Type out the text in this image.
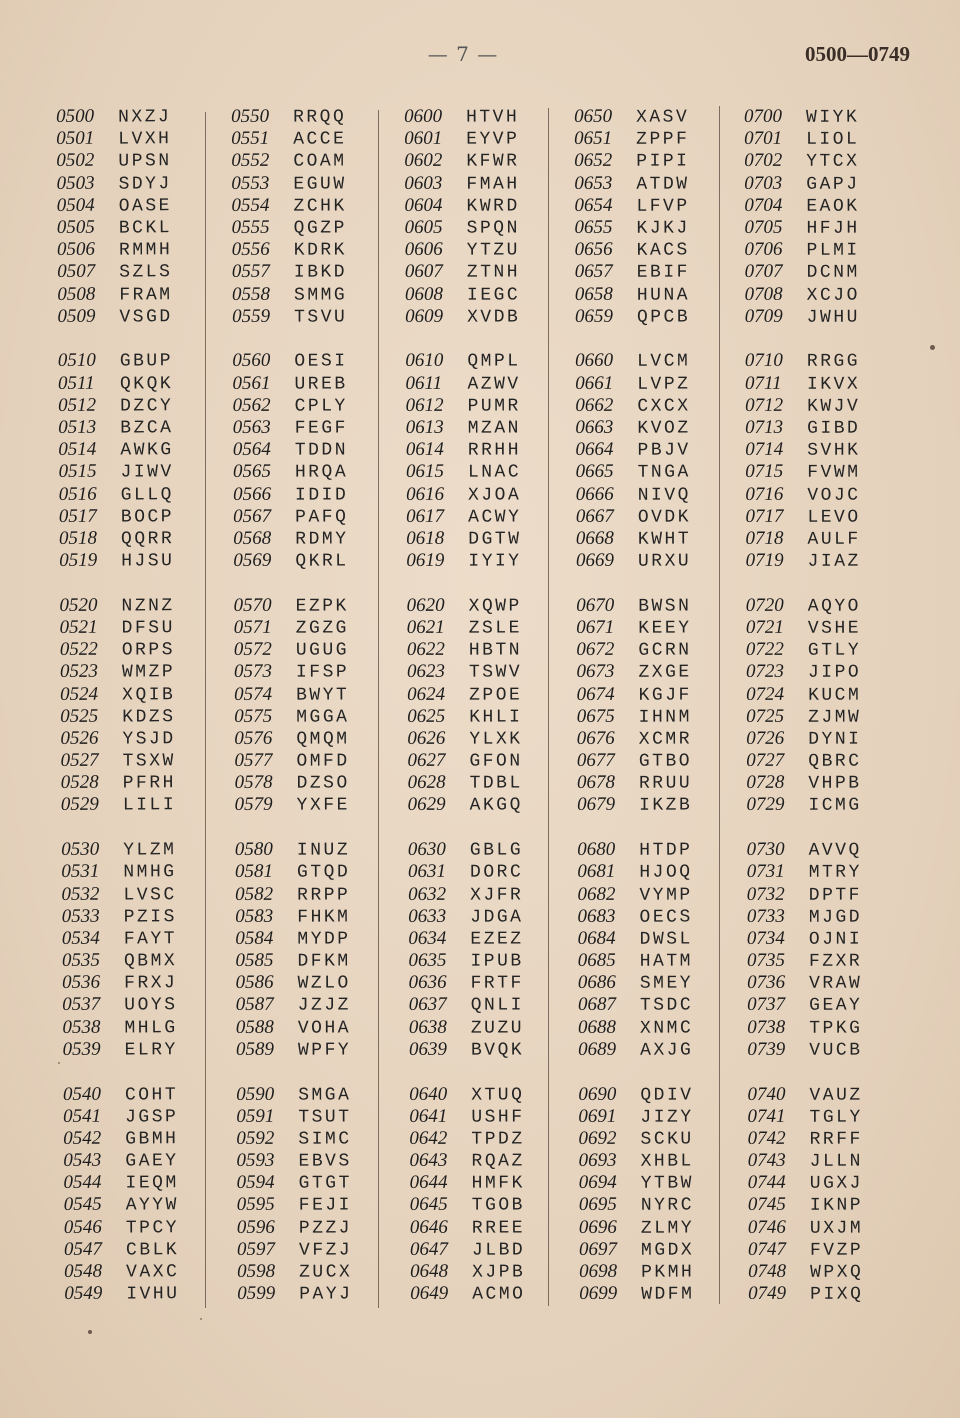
— 7 —	0500—0749
0500 NXZJ
0501 LVXH
0502 UPSN
0503 SDYJ
0504 OASE
0505 BCKL
0506 RMMH
0507 SZLS
0508 FRAM
0509 VSGD
0510 GBUP
0511 QKQK
0512 DZCY
0513 BZCA
0514 AWKG
0515 JIWV
0516 GLLQ
0517 BOCP
0518 QQRR
0519 HJSU
0520 NZNZ
0521 DFSU
0522 ORPS
0523 WMZP
0524 XQIB
0525 KDZS
0526 YSJD
0527 TSXW
0528 PFRH
0529 LILI
0530 YLZM
0531 NMHG
0532 LVSC
0533 PZIS
0534 FAYT
0535 QBMX
0536 FRXJ
0537 UOYS
0538 MHLG
0539 ELRY
0540 COHT
0541 JGSP
0542 GBMH
0543 GAEY
0544 IEQM
0545 AYYW
0546 TPCY
0547 CBLK
0548 VAXC
0549 IVHU
0550 RRQQ
0551 ACCE
0552 COAM
0553 EGUW
0554 ZCHK
0555 QGZP
0556 KDRK
0557 IBKD
0558 SMMG
0559 TSVU
0560 OESI
0561 UREB
0562 CPLY
0563 FEGF
0564 TDDN
0565 HRQA
0566 IDID
0567 PAFQ
0568 RDMY
0569 QKRL
0570 EZPK
0571 ZGZG
0572 UGUG
0573 IFSP
0574 BWYT
0575 MGGA
0576 QMQM
0577 OMFD
0578 DZSO
0579 YXFE
0580 INUZ
0581 GTQD
0582 RRPP
0583 FHKM
0584 MYDP
0585 DFKM
0586 WZLO
0587 JZJZ
0588 VOHA
0589 WPFY
0590 SMGA
0591 TSUT
0592 SIMC
0593 EBVS
0594 GTGT
0595 FEJI
0596 PZZJ
0597 VFZJ
0598 ZUCX
0599 PAYJ
0600 HTVH
0601 EYVP
0602 KFWR
0603 FMAH
0604 KWRD
0605 SPQN
0606 YTZU
0607 ZTNH
0608 IEGC
0609 XVDB
0610 QMPL
0611 AZWV
0612 PUMR
0613 MZAN
0614 RRHH
0615 LNAC
0616 XJOA
0617 ACWY
0618 DGTW
0619 IYIY
0620 XQWP
0621 ZSLE
0622 HBTN
0623 TSWV
0624 ZPOE
0625 KHLI
0626 YLXK
0627 GFON
0628 TDBL
0629 AKGQ
0630 GBLG
0631 DORC
0632 XJFR
0633 JDGA
0634 EZEZ
0635 IPUB
0636 FRTF
0637 QNLI
0638 ZUZU
0639 BVQK
0640 XTUQ
0641 USHF
0642 TPDZ
0643 RQAZ
0644 HMFK
0645 TGOB
0646 RREE
0647 JLBD
0648 XJPB
0649 ACMO
0650 XASV
0651 ZPPF
0652 PIPI
0653 ATDW
0654 LFVP
0655 KJKJ
0656 KACS
0657 EBIF
0658 HUNA
0659 QPCB
0660 LVCM
0661 LVPZ
0662 CXCX
0663 KVOZ
0664 PBJV
0665 TNGA
0666 NIVQ
0667 OVDK
0668 KWHT
0669 URXU
0670 BWSN
0671 KEEY
0672 GCRN
0673 ZXGE
0674 KGJF
0675 IHNM
0676 XCMR
0677 GTBO
0678 RRUU
0679 IKZB
0680 HTDP
0681 HJOQ
0682 VYMP
0683 OECS
0684 DWSL
0685 HATM
0686 SMEY
0687 TSDC
0688 XNMC
0689 AXJG
0690 QDIV
0691 JIZY
0692 SCKU
0693 XHBL
0694 YTBW
0695 NYRC
0696 ZLMY
0697 MGDX
0698 PKMH
0699 WDFM
0700 WIYK
0701 LIOL
0702 YTCX
0703 GAPJ
0704 EAOK
0705 HFJH
0706 PLMI
0707 DCNM
0708 XCJO
0709 JWHU
0710 RRGG
0711 IKVX
0712 KWJV
0713 GIBD
0714 SVHK
0715 FVWM
0716 VOJC
0717 LEVO
0718 AULF
0719 JIAZ
0720 AQYO
0721 VSHE
0722 GTLY
0723 JIPO
0724 KUCM
0725 ZJMW
0726 DYNI
0727 QBRC
0728 VHPB
0729 ICMG
0730 AVVQ
0731 MTRY
0732 DPTF
0733 MJGD
0734 OJNI
0735 FZXR
0736 VRAW
0737 GEAY
0738 TPKG
0739 VUCB
0740 VAUZ
0741 TGLY
0742 RRFF
0743 JLLN
0744 UGXJ
0745 IKNP
0746 UXJM
0747 FVZP
0748 WPXQ
0749 PIXQ
